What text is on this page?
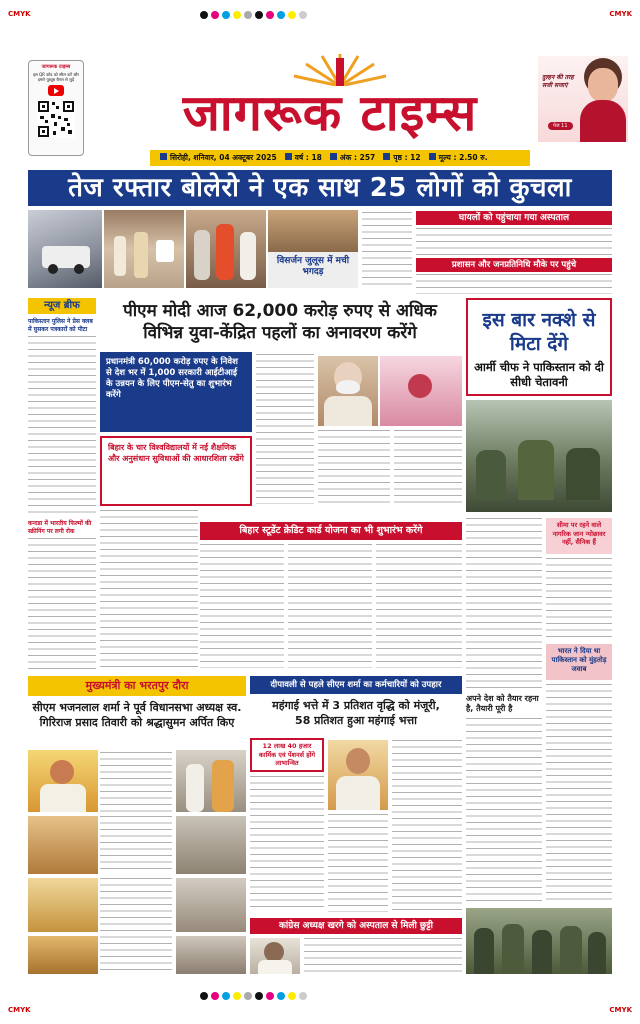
CMYK	CMYK
जागरूक टाइम्स
इस QR कोड को स्कैन करें और हमारे यूट्यूब चैनल से जुड़ें
जागरूक टाइम्स
दुल्हन की तरह सजी सजाएं
पेज 11
सिरोही, शनिवार, 04 अक्टूबर 2025	वर्ष : 18	अंक : 257	पृष्ठ : 12	मूल्य : 2.50 रु.
तेज रफ्तार बोलेरो ने एक साथ 25 लोगों को कुचला
विसर्जन जुलूस में मची भगदड़
घायलों को पहुंचाया गया अस्पताल
प्रशासन और जनप्रतिनिधि मौके पर पहुंचे
न्यूज ब्रीफ
पाकिस्तान पुलिस ने प्रेस क्लब में घुसकर पत्रकारों को पीटा
कनाडा में भारतीय फिल्मों की स्क्रीनिंग पर लगी रोक
पीएम मोदी आज 62,000 करोड़ रुपए से अधिक
विभिन्न युवा-केंद्रित पहलों का अनावरण करेंगे
प्रधानमंत्री 60,000 करोड़ रुपए के निवेश से देश भर में 1,000 सरकारी आईटीआई के उन्नयन के लिए पीएम-सेतु का शुभारंभ करेंगे
बिहार के चार विश्वविद्यालयों में नई शैक्षणिक और अनुसंधान सुविधाओं की आधारशिला रखेंगे
इस बार नक्शे से मिटा देंगे
आर्मी चीफ ने पाकिस्तान को दी सीधी चेतावनी
सीमा पर रहने वाले नागरिक जान न्योछावर नहीं, सैनिक हैं
भारत ने दिया था पाकिस्तान को मुंहतोड़ जवाब
अपने देश को तैयार रहना है, तैयारी पूरी है
बिहार स्टूडेंट क्रेडिट कार्ड योजना का भी शुभारंभ करेंगे
मुख्यमंत्री का भरतपुर दौरा
सीएम भजनलाल शर्मा ने पूर्व विधानसभा अध्यक्ष स्व. गिरिराज प्रसाद तिवारी को श्रद्धासुमन अर्पित किए
दीपावली से पहले सीएम शर्मा का कर्मचारियों को उपहार
महंगाई भत्ते में 3 प्रतिशत वृद्धि को मंजूरी,
58 प्रतिशत हुआ महंगाई भत्ता
12 लाख 40 हजार कार्मिक एवं पेंशनर्स होंगे लाभान्वित
कांग्रेस अध्यक्ष खरगे को अस्पताल से मिली छुट्टी
CMYK	CMYK
